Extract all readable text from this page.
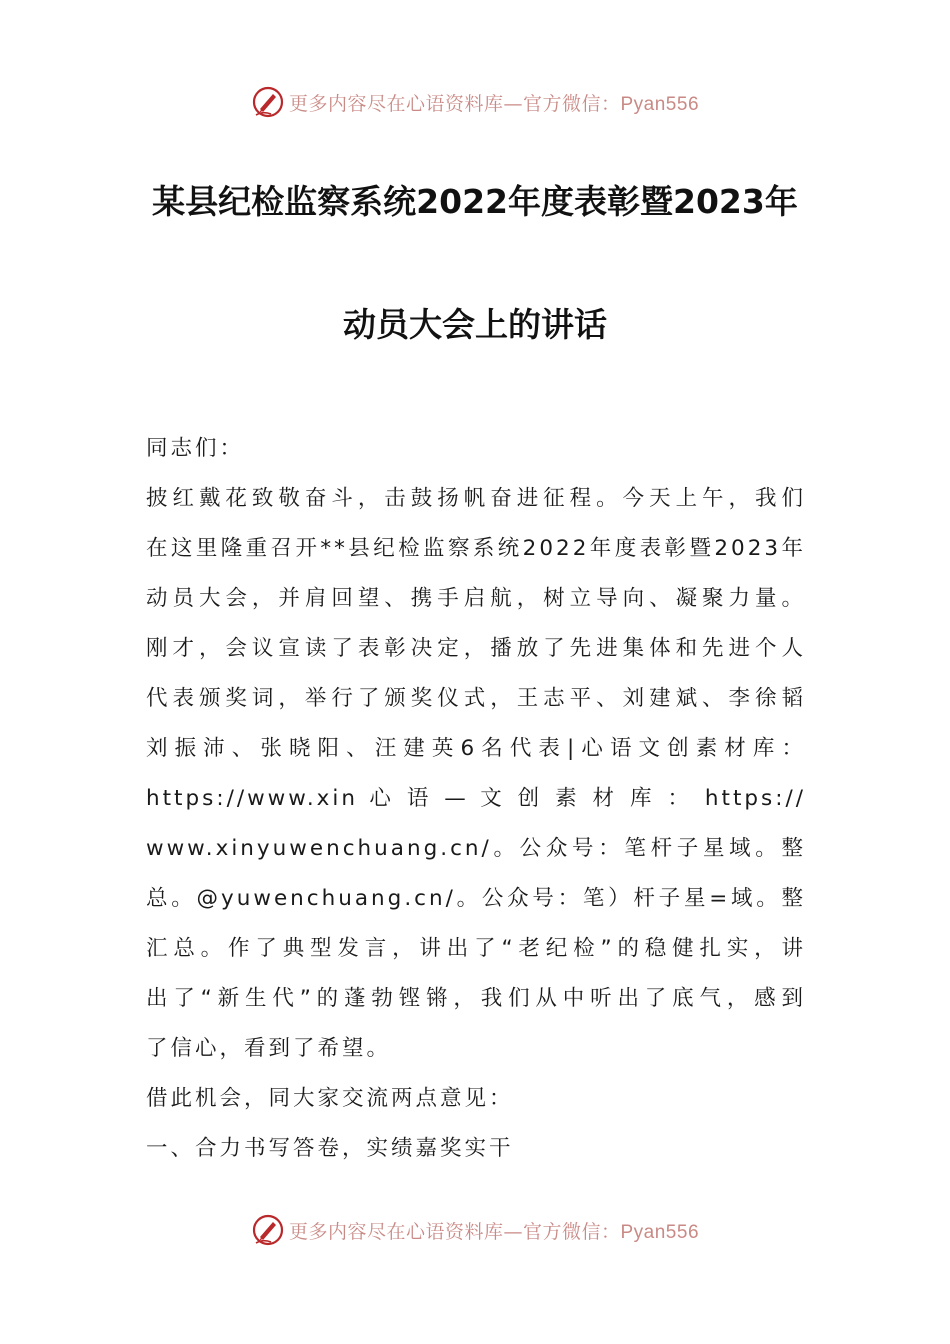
更多内容尽在心语资料库—官方微信：Pyan556
某县纪检监察系统2022年度表彰暨2023年
动员大会上的讲话
同志们：
披红戴花致敬奋斗，击鼓扬帆奋进征程。今天上午，我们
在这里隆重召开**县纪检监察系统2022年度表彰暨2023年
动员大会，并肩回望、携手启航，树立导向、凝聚力量。
刚才，会议宣读了表彰决定，播放了先进集体和先进个人
代表颁奖词，举行了颁奖仪式，王志平、刘建斌、李徐韬
刘振沛、张晓阳、汪建英6名代表|心语文创素材库：
https://www.xin 心 语 — 文 创 素 材 库 ： https://
www.xinyuwenchuang.cn/。公众号：笔杆子星域。整
总。@yuwenchuang.cn/。公众号：笔）杆子星=域。整
汇总。作了典型发言，讲出了“老纪检”的稳健扎实，讲
出了“新生代”的蓬勃铿锵，我们从中听出了底气，感到
了信心，看到了希望。
借此机会，同大家交流两点意见：
一、合力书写答卷，实绩嘉奖实干
更多内容尽在心语资料库—官方微信：Pyan556
